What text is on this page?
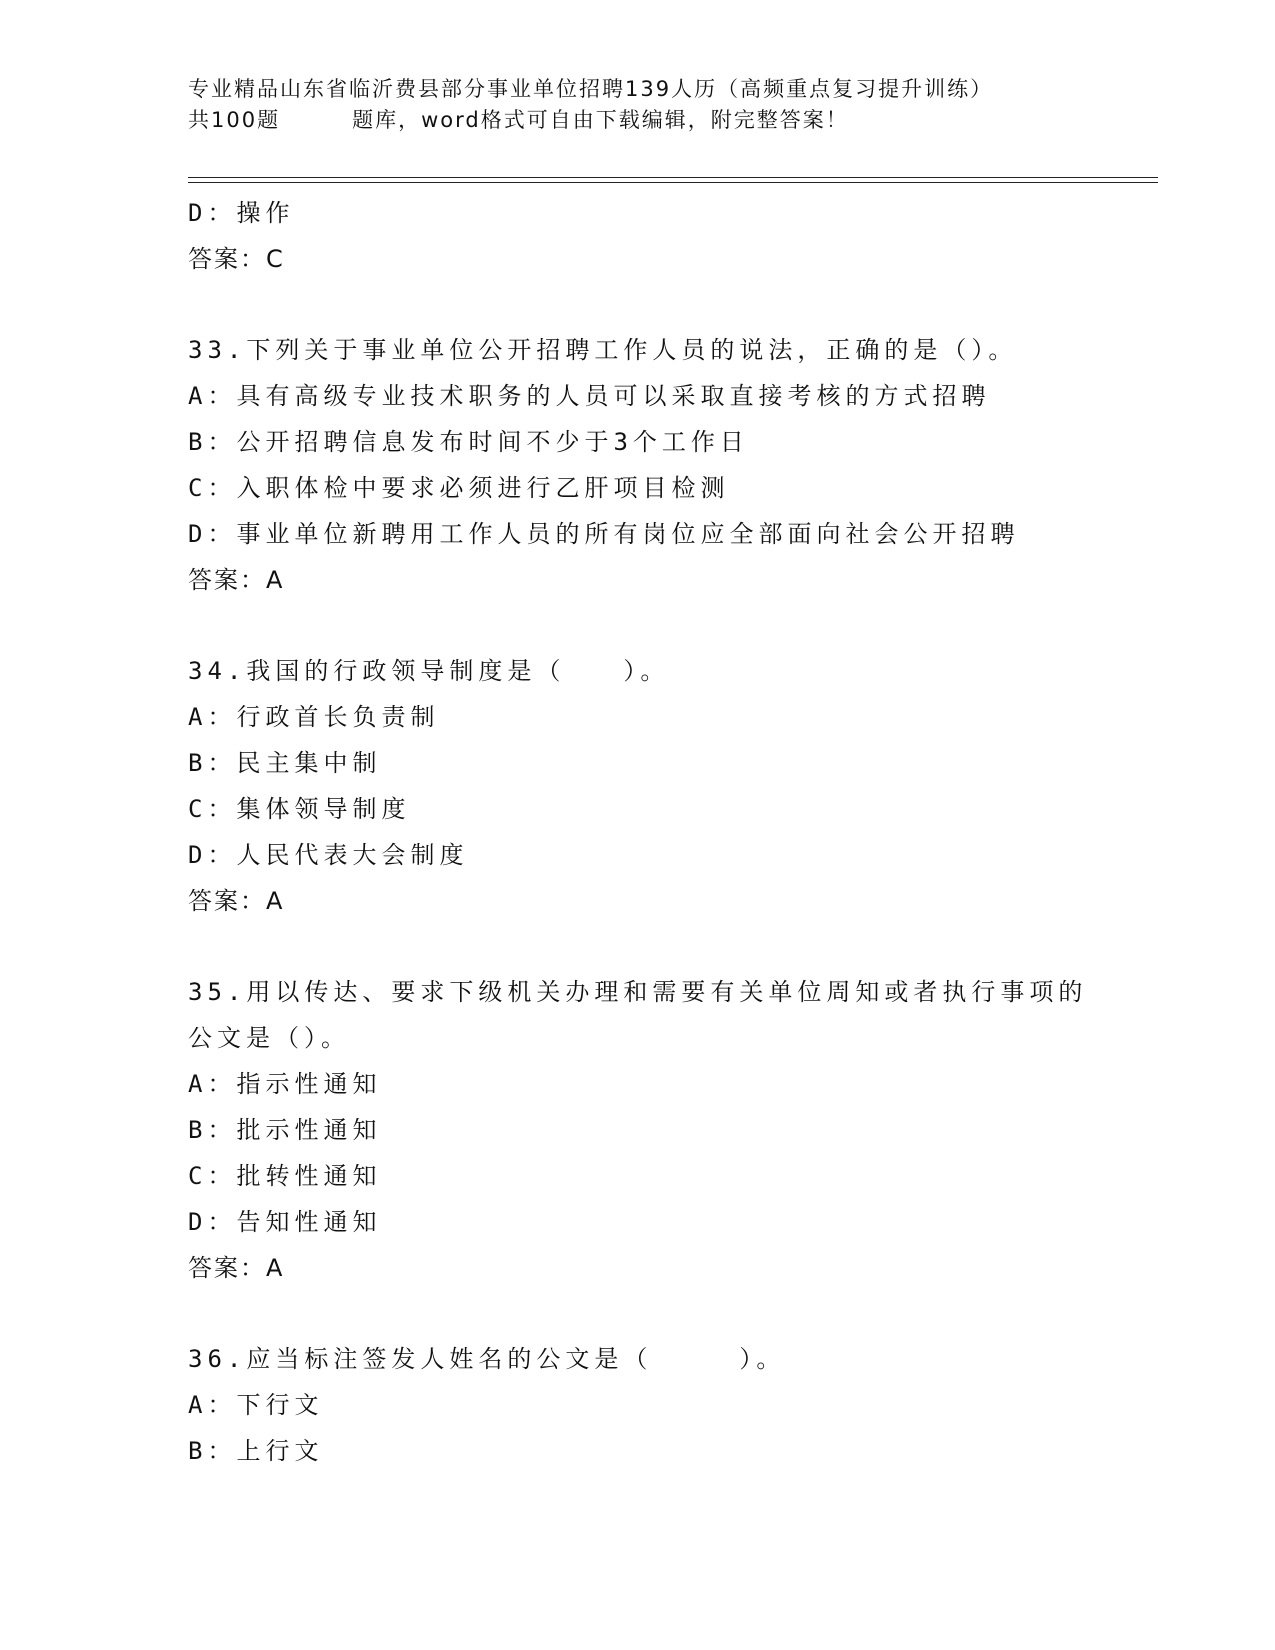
专业精品山东省临沂费县部分事业单位招聘139人历（高频重点复习提升训练）
共100题	题库，word格式可自由下载编辑，附完整答案！
D：操作
答案：C
33.下列关于事业单位公开招聘工作人员的说法，正确的是（）。
A：具有高级专业技术职务的人员可以采取直接考核的方式招聘
B：公开招聘信息发布时间不少于3个工作日
C：入职体检中要求必须进行乙肝项目检测
D：事业单位新聘用工作人员的所有岗位应全部面向社会公开招聘
答案：A
34.我国的行政领导制度是（　　）。
A：行政首长负责制
B：民主集中制
C：集体领导制度
D：人民代表大会制度
答案：A
35.用以传达、要求下级机关办理和需要有关单位周知或者执行事项的
公文是（）。
A：指示性通知
B：批示性通知
C：批转性通知
D：告知性通知
答案：A
36.应当标注签发人姓名的公文是（　　　）。
A：下行文
B：上行文
